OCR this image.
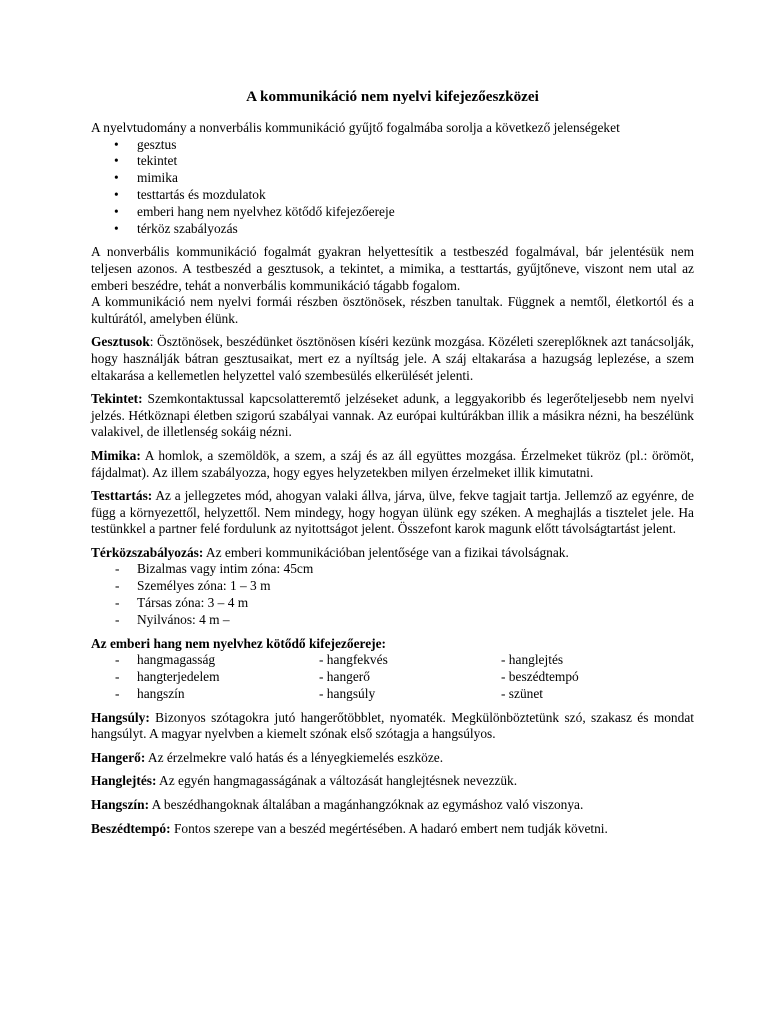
A kommunikáció nem nyelvi kifejezőeszközei

A nyelvtudomány a nonverbális kommunikáció gyűjtő fogalmába sorolja a következő jelenségeket

• gesztus
• tekintet
• mimika
• testtartás és mozdulatok
• emberi hang nem nyelvhez kötődő kifejezőereje
• térköz szabályozás

A nonverbális kommunikáció fogalmát gyakran helyettesítik a testbeszéd fogalmával, bár jelentésük nem teljesen azonos. A testbeszéd a gesztusok, a tekintet, a mimika, a testtartás, gyűjtőneve, viszont nem utal az emberi beszédre, tehát a nonverbális kommunikáció tágabb fogalom.

A kommunikáció nem nyelvi formái részben ösztönösek, részben tanultak. Függnek a nemtől, életkortól és a kultúrától, amelyben élünk.

Gesztusok: Ösztönösek, beszédünket ösztönösen kíséri kezünk mozgása. Közéleti szereplőknek azt tanácsolják, hogy használják bátran gesztusaikat, mert ez a nyíltság jele. A száj eltakarása a hazugság leplezése, a szem eltakarása a kellemetlen helyzettel való szembesülés elkerülését jelenti.

Tekintet: Szemkontaktussal kapcsolatteremtő jelzéseket adunk, a leggyakoribb és legerőteljesebb nem nyelvi jelzés. Hétköznapi életben szigorú szabályai vannak. Az európai kultúrákban illik a másikra nézni, ha beszélünk valakivel, de illetlenség sokáig nézni.

Mimika: A homlok, a szemöldök, a szem, a száj és az áll együttes mozgása. Érzelmeket tükröz (pl.: örömöt, fájdalmat). Az illem szabályozza, hogy egyes helyzetekben milyen érzelmeket illik kimutatni.

Testtartás: Az a jellegzetes mód, ahogyan valaki állva, járva, ülve, fekve tagjait tartja. Jellemző az egyénre, de függ a környezettől, helyzettől. Nem mindegy, hogy hogyan ülünk egy széken. A meghajlás a tisztelet jele. Ha testünkkel a partner felé fordulunk az nyitottságot jelent. Összefont karok magunk előtt távolságtartást jelent.

Térközszabályozás: Az emberi kommunikációban jelentősége van a fizikai távolságnak.

- Bizalmas vagy intim zóna: 45cm
- Személyes zóna: 1 – 3 m
- Társas zóna: 3 – 4 m
- Nyilvános: 4 m –

Az emberi hang nem nyelvhez kötődő kifejezőereje:

- hangmagasság	- hangfekvés	- hanglejtés
- hangterjedelem	- hangerő	- beszédtempó
- hangszín	- hangsúly	- szünet

Hangsúly: Bizonyos szótagokra jutó hangerőtöbblet, nyomaték. Megkülönböztetünk szó, szakasz és mondat hangsúlyt. A magyar nyelvben a kiemelt szónak első szótagja a hangsúlyos.

Hangerő: Az érzelmekre való hatás és a lényegkiemelés eszköze.

Hanglejtés: Az egyén hangmagasságának a változását hanglejtésnek nevezzük.

Hangszín: A beszédhangoknak általában a magánhangzóknak az egymáshoz való viszonya.

Beszédtempó: Fontos szerepe van a beszéd megértésében. A hadaró embert nem tudják követni.
